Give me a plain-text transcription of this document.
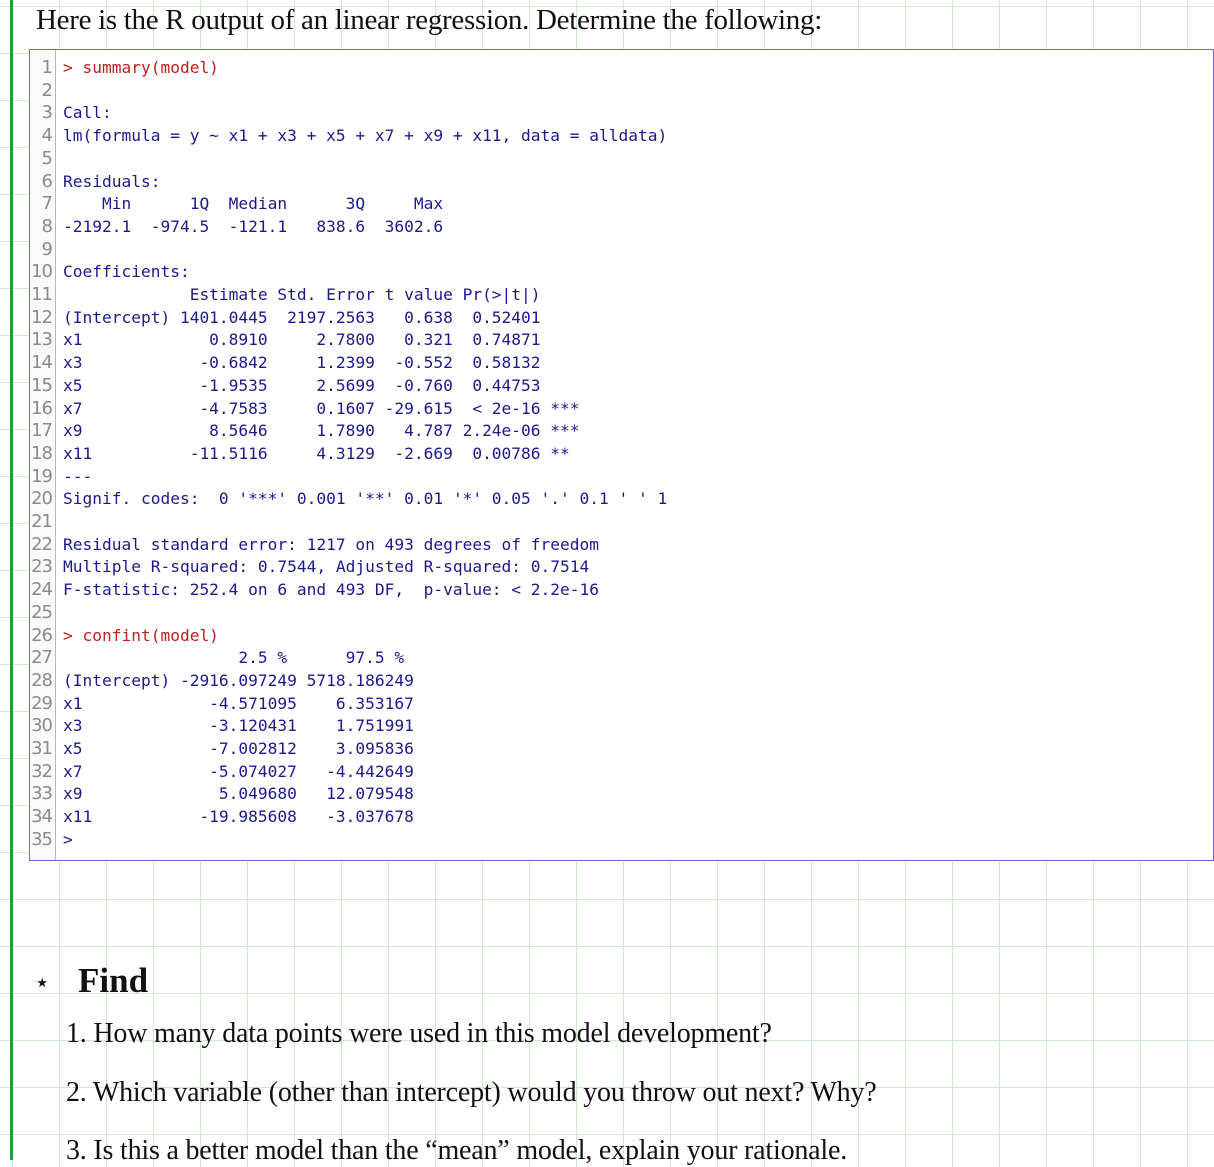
Here is the R output of an linear regression. Determine the following:
1 > summary(model)
2
3 Call:
4 lm(formula = y ~ x1 + x3 + x5 + x7 + x9 + x11, data = alldata)
5
6 Residuals:
7    Min      1Q  Median      3Q     Max
8 -2192.1  -974.5  -121.1   838.6  3602.6
9
10 Coefficients:
11             Estimate Std. Error t value Pr(>|t|)
12 (Intercept) 1401.0445  2197.2563   0.638  0.52401
13 x1             0.8910     2.7800   0.321  0.74871
14 x3            -0.6842     1.2399  -0.552  0.58132
15 x5            -1.9535     2.5699  -0.760  0.44753
16 x7            -4.7583     0.1607 -29.615  < 2e-16 ***
17 x9             8.5646     1.7890   4.787 2.24e-06 ***
18 x11          -11.5116     4.3129  -2.669  0.00786 **
19 ---
20 Signif. codes:  0 '***' 0.001 '**' 0.01 '*' 0.05 '.' 0.1 ' ' 1
21
22 Residual standard error: 1217 on 493 degrees of freedom
23 Multiple R-squared: 0.7544, Adjusted R-squared: 0.7514
24 F-statistic: 252.4 on 6 and 493 DF,  p-value: < 2.2e-16
25
26 > confint(model)
27                  2.5 %      97.5 %
28 (Intercept) -2916.097249 5718.186249
29 x1             -4.571095    6.353167
30 x3             -3.120431    1.751991
31 x5             -7.002812    3.095836
32 x7             -5.074027   -4.442649
33 x9              5.049680   12.079548
34 x11           -19.985608   -3.037678
35 >
⋆ Find
1. How many data points were used in this model development?
2. Which variable (other than intercept) would you throw out next? Why?
3. Is this a better model than the “mean” model, explain your rationale.
